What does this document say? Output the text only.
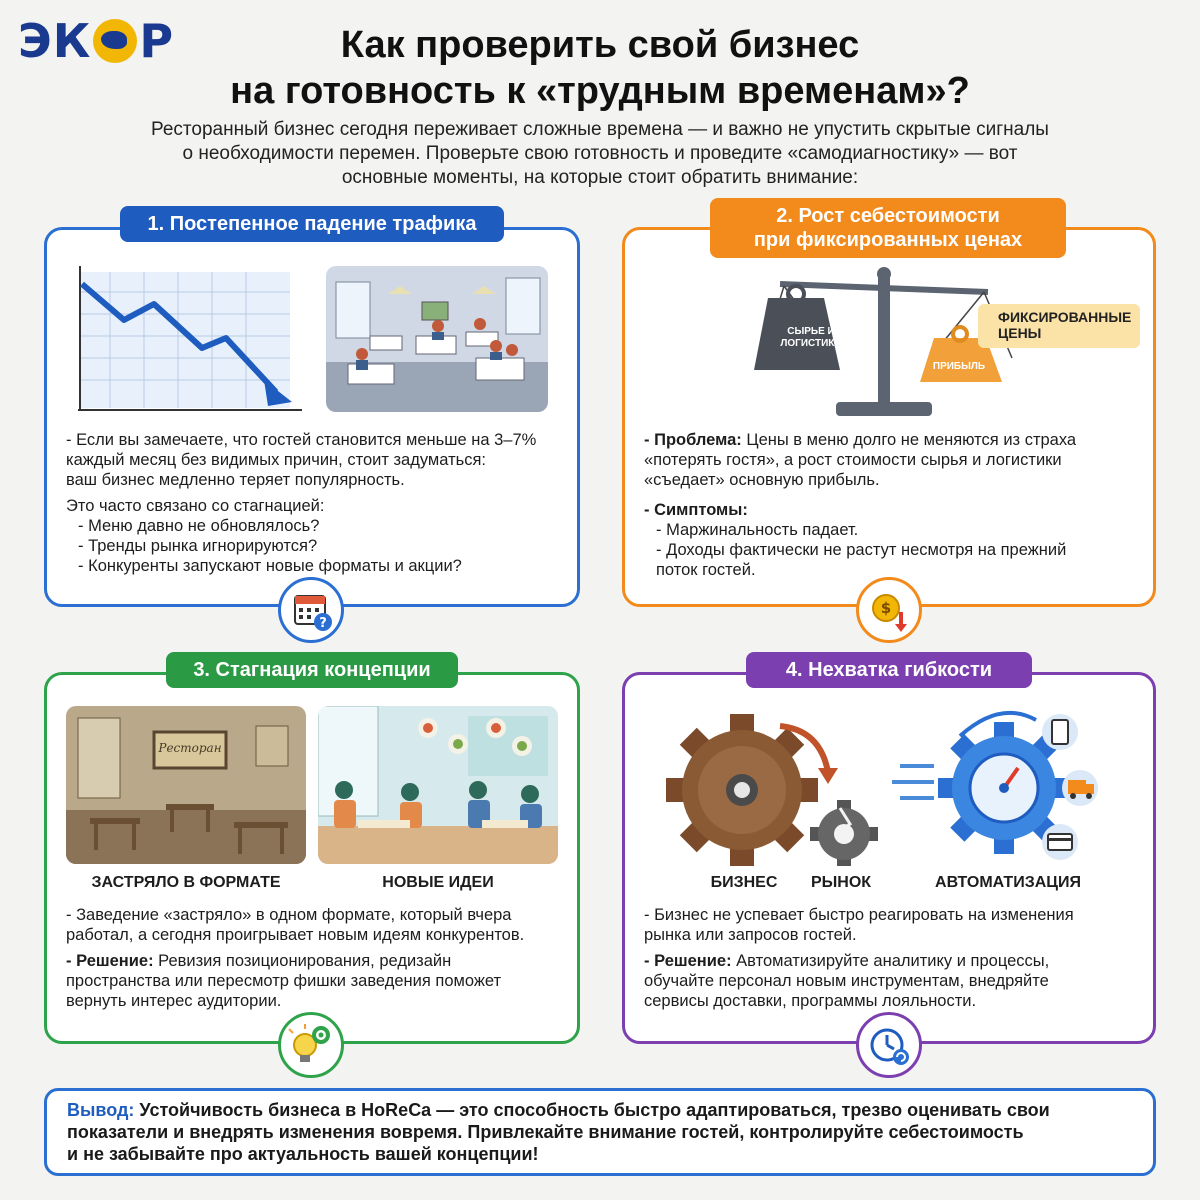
ЭК Р	Как проверить свой бизнес
на готовность к «трудным временам»?
Ресторанный бизнес сегодня переживает сложные времена — и важно не упустить скрытые сигналы
о необходимости перемен. Проверьте свою готовность и проведите «самодиагностику» — вот
основные моменты, на которые стоит обратить внимание:
1. Постепенное падение трафика

- Если вы замечаете, что гостей становится меньше на 3–7%
каждый месяц без видимых причин, стоит задуматься:
ваш бизнес медленно теряет популярность.

Это часто связано со стагнацией:

- Меню давно не обновлялось?

- Тренды рынка игнорируются?

- Конкуренты запускают новые форматы и акции?

?
2. Рост себестоимости
при фиксированных ценах
СЫРЬЕ И
ЛОГИСТИКА
ПРИБЫЛЬ
ФИКСИРОВАННЫЕ
ЦЕНЫ

- Проблема: Цены в меню долго не меняются из страха
«потерять гостя», а рост стоимости сырья и логистики
«съедает» основную прибыль.

- Симптомы:

- Маржинальность падает.

- Доходы фактически не растут несмотря на прежний
поток гостей.

$
3. Стагнация концепции
Ресторан
ЗАСТРЯЛО В ФОРМАТЕ	НОВЫЕ ИДЕИ

- Заведение «застряло» в одном формате, который вчера
работал, а сегодня проигрывает новым идеям конкурентов.

- Решение: Ревизия позиционирования, редизайн
пространства или пересмотр фишки заведения поможет
вернуть интерес аудитории.

4. Нехватка гибкости
БИЗНЕС	РЫНОК	АВТОМАТИЗАЦИЯ

- Бизнес не успевает быстро реагировать на изменения
рынка или запросов гостей.

- Решение: Автоматизируйте аналитику и процессы,
обучайте персонал новым инструментам, внедряйте
сервисы доставки, программы лояльности.

Вывод: Устойчивость бизнеса в HoReCa — это способность быстро адаптироваться, трезво оценивать свои
показатели и внедрять изменения вовремя. Привлекайте внимание гостей, контролируйте себестоимость
и не забывайте про актуальность вашей концепции!
